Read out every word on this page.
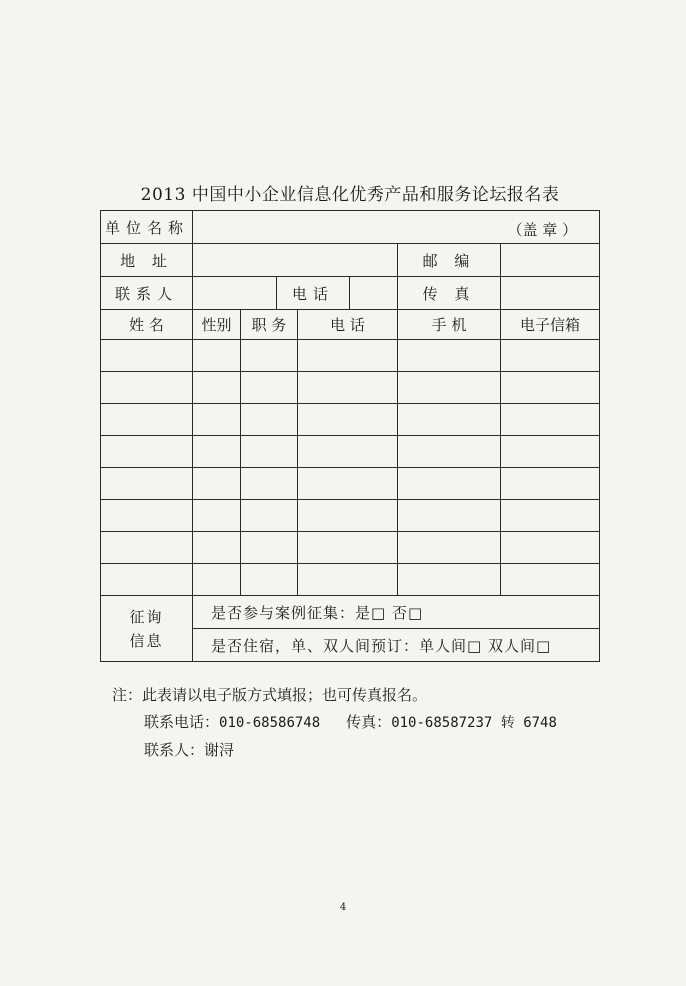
2013 中国中小企业信息化优秀产品和服务论坛报名表
单位名称	（盖 章 ）						
地 址						邮 编	
联系人			电话			传 真	
姓 名	性别	职 务		电 话		手 机	电子信箱

征询
信息	是否参与案例征集：是□ 否□						
	是否住宿，单、双人间预订：单人间□ 双人间□						
注：此表请以电子版方式填报；也可传真报名。
联系电话：010-68586748 传真：010-68587237 转 6748
联系人：谢浔
4
